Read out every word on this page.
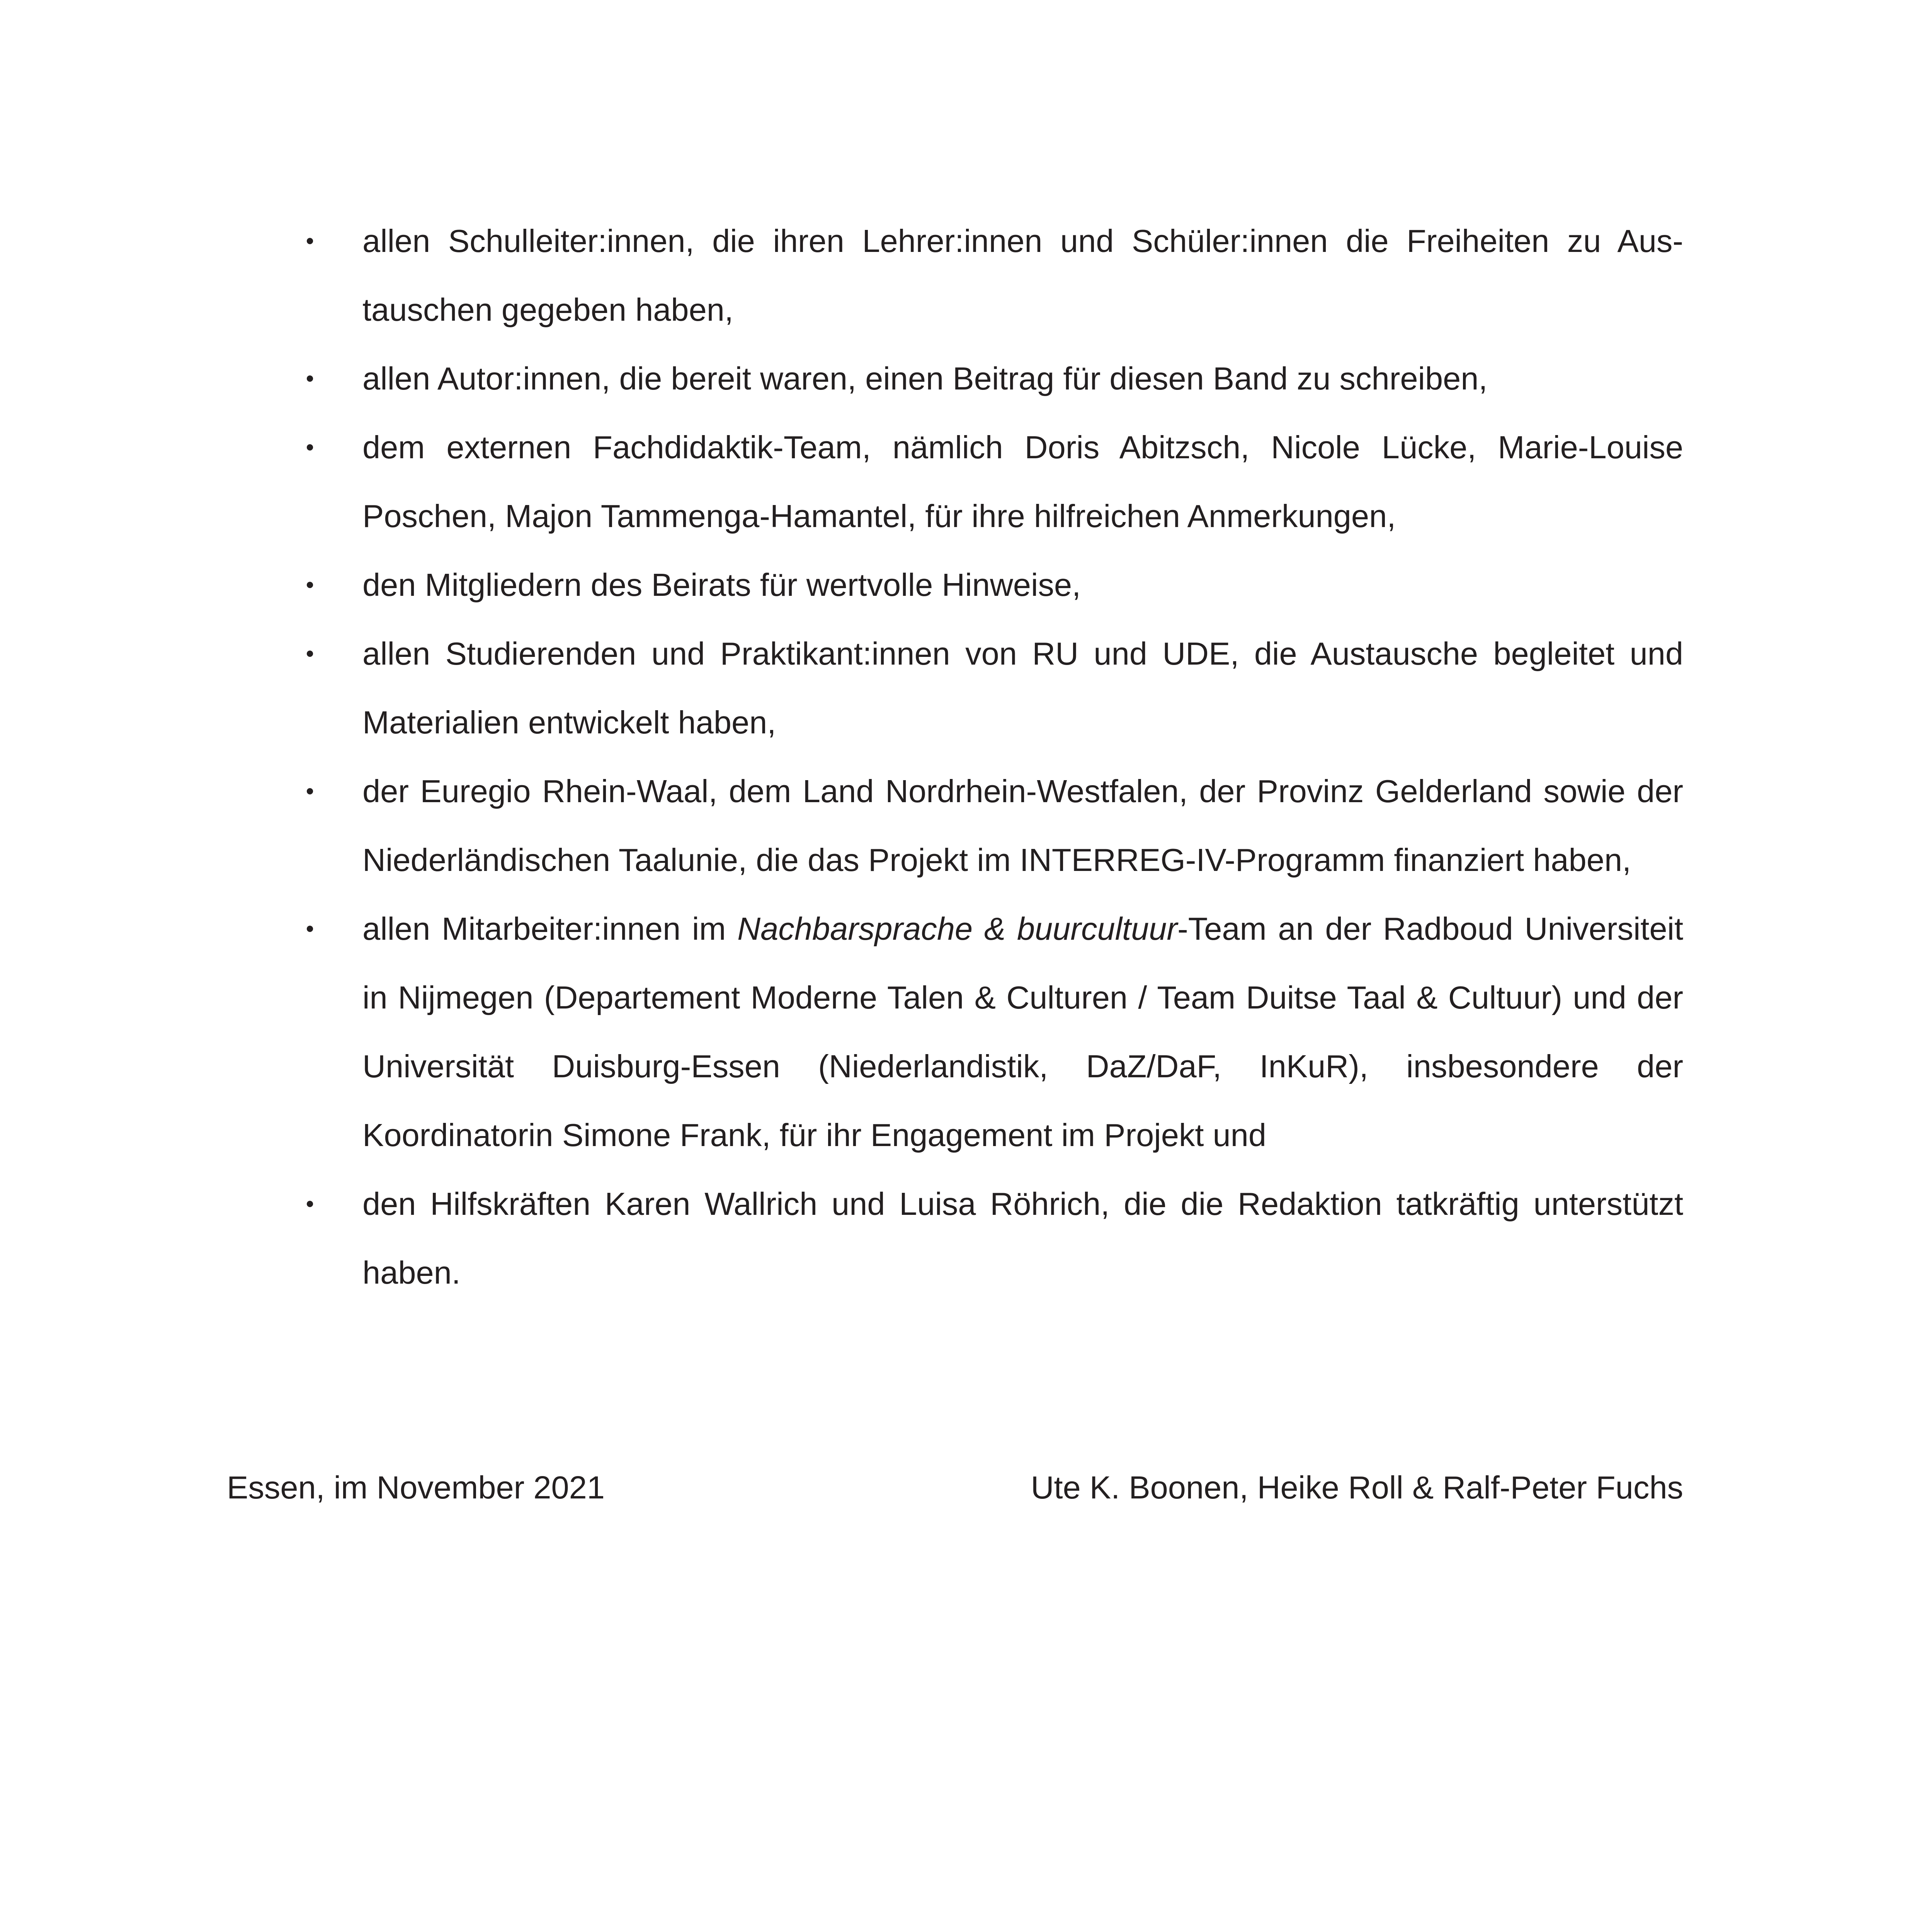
• allen Schulleiter:innen, die ihren Lehrer:innen und Schüler:innen die Freiheiten zu Austauschen gegeben haben,
• allen Autor:innen, die bereit waren, einen Beitrag für diesen Band zu schreiben,
• dem externen Fachdidaktik-Team, nämlich Doris Abitzsch, Nicole Lücke, Marie-Louise Poschen, Majon Tammenga-Hamantel, für ihre hilfreichen Anmerkungen,
• den Mitgliedern des Beirats für wertvolle Hinweise,
• allen Studierenden und Praktikant:innen von RU und UDE, die Austausche begleitet und Materialien entwickelt haben,
• der Euregio Rhein-Waal, dem Land Nordrhein-Westfalen, der Provinz Gelderland sowie der Niederländischen Taalunie, die das Projekt im INTERREG-IV-Programm finanziert haben,
• allen Mitarbeiter:innen im Nachbarsprache & buurcultuur-Team an der Radboud Universiteit in Nijmegen (Departement Moderne Talen & Culturen / Team Duitse Taal & Cultuur) und der Universität Duisburg-Essen (Niederlandistik, DaZ/DaF, InKuR), insbesondere der Koordinatorin Simone Frank, für ihr Engagement im Projekt und
• den Hilfskräften Karen Wallrich und Luisa Röhrich, die die Redaktion tatkräftig unterstützt haben.
Essen, im November 2021	Ute K. Boonen, Heike Roll & Ralf-Peter Fuchs
